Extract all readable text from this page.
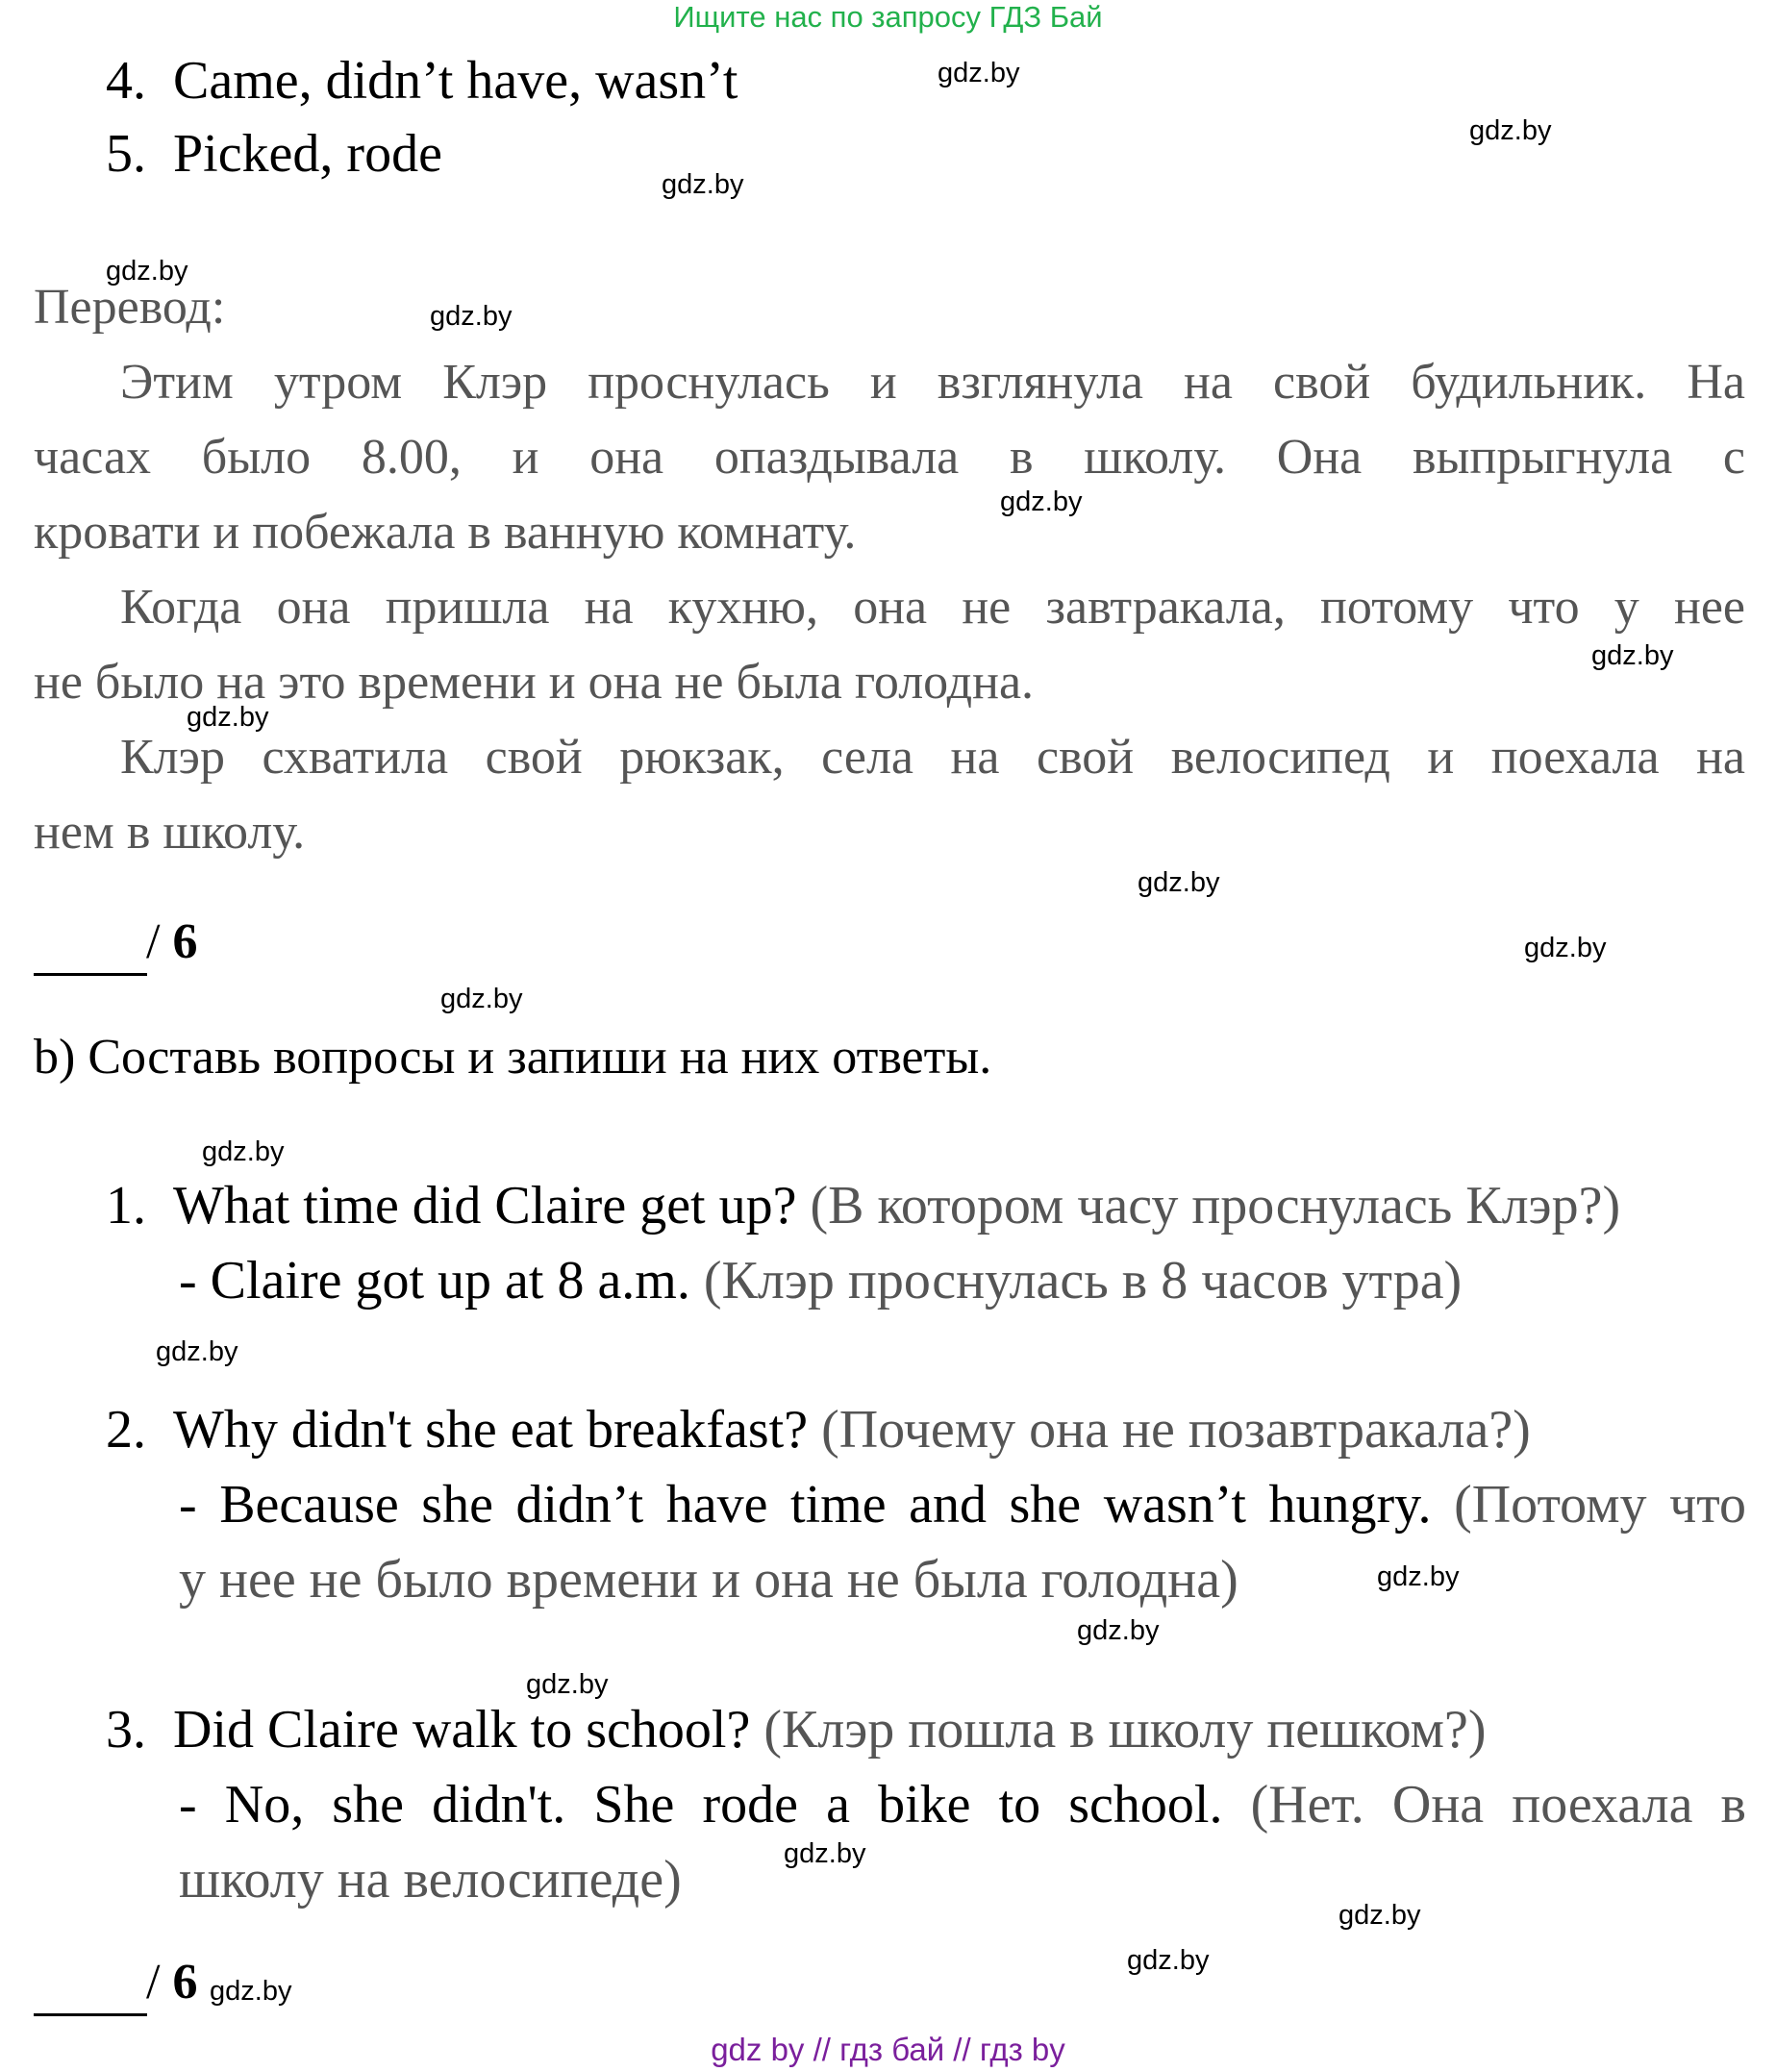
Ищите нас по запросу ГДЗ Бай
4. Came, didn’t have, wasn’t
5. Picked, rode
Перевод:
Этим утром Клэр проснулась и взглянула на свой будильник. На
часах было 8.00, и она опаздывала в школу. Она выпрыгнула с
кровати и побежала в ванную комнату.
Когда она пришла на кухню, она не завтракала, потому что у нее
не было на это времени и она не была голодна.
Клэр схватила свой рюкзак, села на свой велосипед и поехала на
нем в школу.
/ 6
b) Составь вопросы и запиши на них ответы.
1. What time did Claire get up? (В котором часу проснулась Клэр?)
- Claire got up at 8 a.m. (Клэр проснулась в 8 часов утра)
2. Why didn't she eat breakfast? (Почему она не позавтракала?)
- Because she didn’t have time and she wasn’t hungry. (Потому что
у нее не было времени и она не была голодна)
3. Did Claire walk to school? (Клэр пошла в школу пешком?)
- No, she didn't. She rode a bike to school. (Нет. Она поехала в
школу на велосипеде)
/ 6
gdz.by
gdz.by
gdz.by
gdz.by
gdz.by
gdz.by
gdz.by
gdz.by
gdz.by
gdz.by
gdz.by
gdz.by
gdz.by
gdz.by
gdz.by
gdz.by
gdz.by
gdz.by
gdz.by
gdz.by
gdz by // гдз бай // гдз by
